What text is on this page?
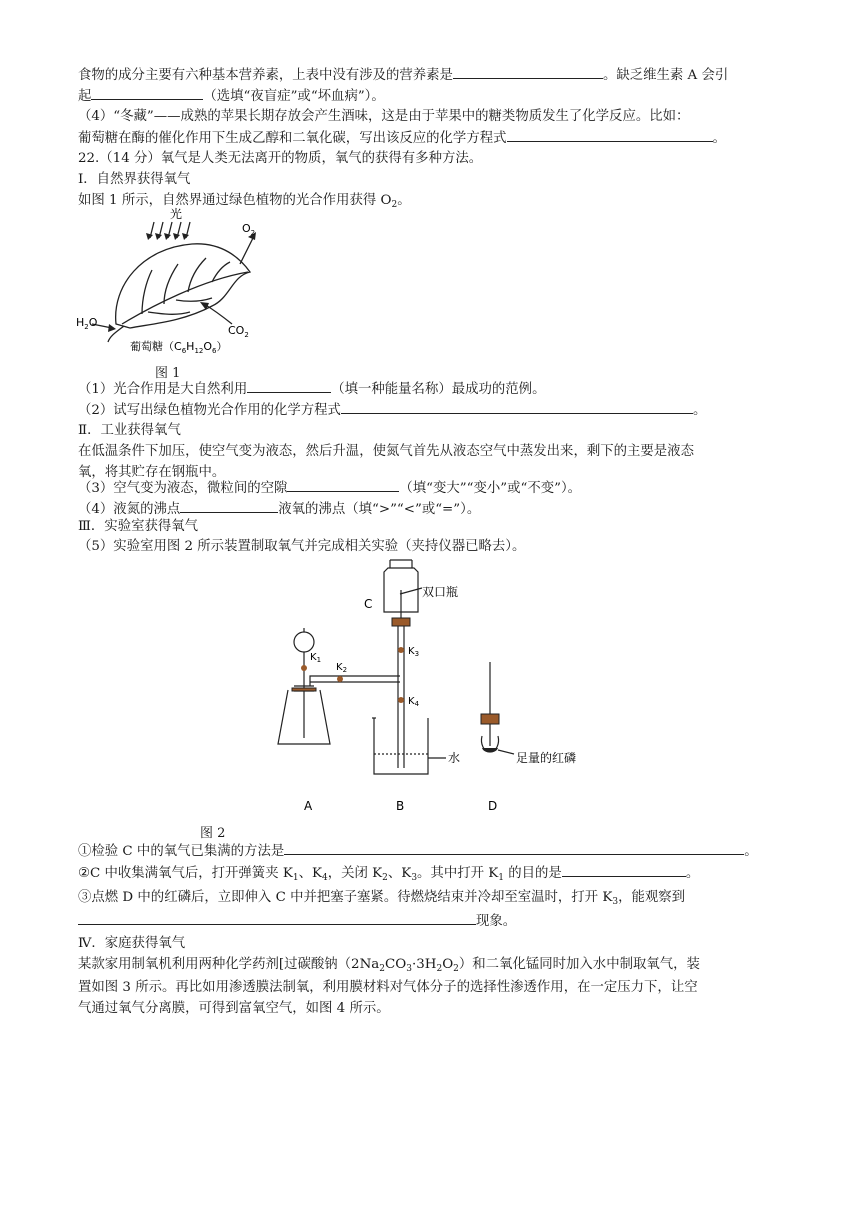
食物的成分主要有六种基本营养素，上表中没有涉及的营养素是	。缺乏维生素 A 会引
起	（选填“夜盲症”或“坏血病”）。
（4）“冬藏”——成熟的苹果长期存放会产生酒味，这是由于苹果中的糖类物质发生了化学反应。比如：
葡萄糖在酶的催化作用下生成乙醇和二氧化碳，写出该反应的化学方程式	。
22.（14 分）氧气是人类无法离开的物质，氧气的获得有多种方法。
Ⅰ．自然界获得氧气
如图 1 所示，自然界通过绿色植物的光合作用获得 $O_2$。
光
$O_2$
$H_2O$
$CO_2$
葡萄糖$(C_6H_{12}O_6)$
图 1
（1）光合作用是大自然利用	（填一种能量名称）最成功的范例。
（2）试写出绿色植物光合作用的化学方程式	。
Ⅱ．工业获得氧气
在低温条件下加压，使空气变为液态，然后升温，使氮气首先从液态空气中蒸发出来，剩下的主要是液态
氧，将其贮存在钢瓶中。
（3）空气变为液态，微粒间的空隙	（填“变大”“变小”或“不变”）。
（4）液氮的沸点	液氧的沸点（填“>”“<”或“=”）。
Ⅲ．实验室获得氧气
（5）实验室用图 2 所示装置制取氧气并完成相关实验（夹持仪器已略去）。
C
双口瓶
$K_1$
$K_2$
$K_3$
$K_4$
水	足量的红磷
A	B	D
图 2
①检验 C 中的氧气已集满的方法是	。
②C 中收集满氧气后，打开弹簧夹 $K_1$、$K_4$，关闭 $K_2$、$K_3$。其中打开 $K_1$ 的目的是	。
③点燃 D 中的红磷后，立即伸入 C 中并把塞子塞紧。待燃烧结束并冷却至室温时，打开 $K_3$，能观察到
现象。
Ⅳ．家庭获得氧气
某款家用制氧机利用两种化学药剂[过碳酸钠$(2Na_2CO_3\cdot 3H_2O_2)$和二氧化锰同时加入水中制取氧气，装
置如图 3 所示。再比如用渗透膜法制氧，利用膜材料对气体分子的选择性渗透作用，在一定压力下，让空
气通过氧气分离膜，可得到富氧空气，如图 4 所示。
